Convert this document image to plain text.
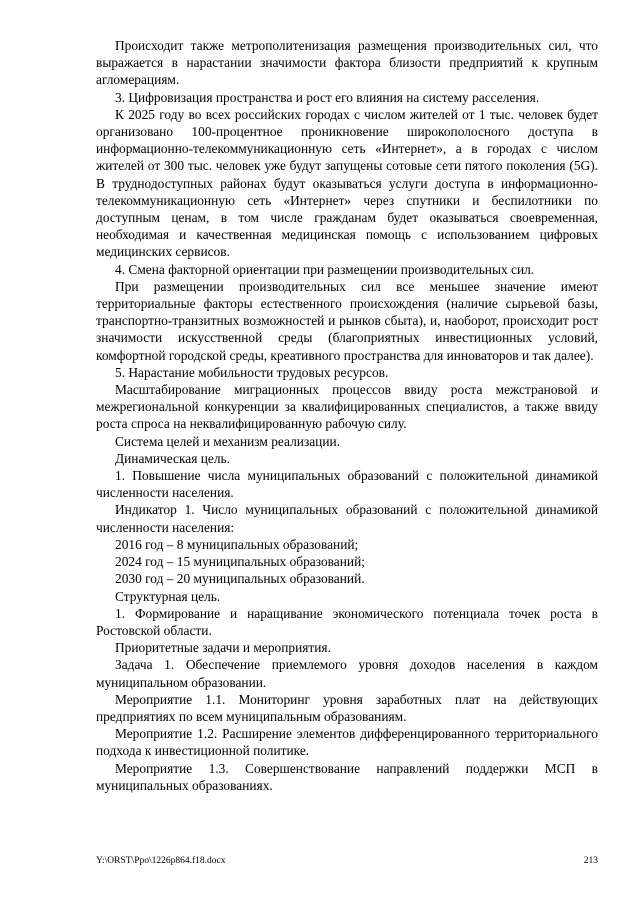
Происходит также метрополитенизация размещения производительных сил, что выражается в нарастании значимости фактора близости предприятий к крупным агломерациям.

3. Цифровизация пространства и рост его влияния на систему расселения.

К 2025 году во всех российских городах с числом жителей от 1 тыс. человек будет организовано 100-процентное проникновение широкополосного доступа в информационно-телекоммуникационную сеть «Интернет», а в городах с числом жителей от 300 тыс. человек уже будут запущены сотовые сети пятого поколения (5G). В труднодоступных районах будут оказываться услуги доступа в информационно-телекоммуникационную сеть «Интернет» через спутники и беспилотники по доступным ценам, в том числе гражданам будет оказываться своевременная, необходимая и качественная медицинская помощь с использованием цифровых медицинских сервисов.

4. Смена факторной ориентации при размещении производительных сил.

При размещении производительных сил все меньшее значение имеют территориальные факторы естественного происхождения (наличие сырьевой базы, транспортно-транзитных возможностей и рынков сбыта), и, наоборот, происходит рост значимости искусственной среды (благоприятных инвестиционных условий, комфортной городской среды, креативного пространства для инноваторов и так далее).

5. Нарастание мобильности трудовых ресурсов.

Масштабирование миграционных процессов ввиду роста межстрановой и межрегиональной конкуренции за квалифицированных специалистов, а также ввиду роста спроса на неквалифицированную рабочую силу.

Система целей и механизм реализации.

Динамическая цель.

1. Повышение числа муниципальных образований с положительной динамикой численности населения.

Индикатор 1. Число муниципальных образований с положительной динамикой численности населения:

2016 год – 8 муниципальных образований;

2024 год – 15 муниципальных образований;

2030 год – 20 муниципальных образований.

Структурная цель.

1. Формирование и наращивание экономического потенциала точек роста в Ростовской области.

Приоритетные задачи и мероприятия.

Задача 1. Обеспечение приемлемого уровня доходов населения в каждом муниципальном образовании.

Мероприятие 1.1. Мониторинг уровня заработных плат на действующих предприятиях по всем муниципальным образованиям.

Мероприятие 1.2. Расширение элементов дифференцированного территориального подхода к инвестиционной политике.

Мероприятие 1.3. Совершенствование направлений поддержки МСП в муниципальных образованиях.

Y:\ORST\Ppo\1226p864.f18.docx	213
